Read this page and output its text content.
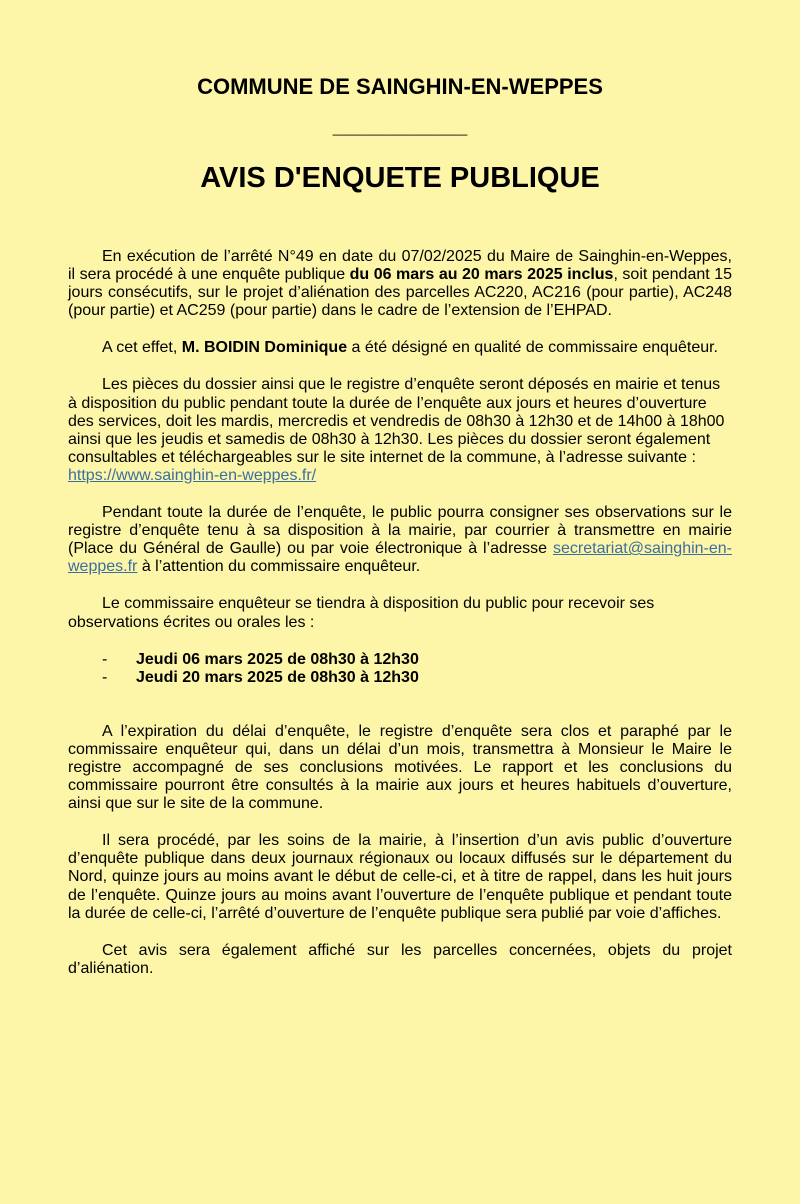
COMMUNE DE SAINGHIN-EN-WEPPES
___________
AVIS D'ENQUETE PUBLIQUE

En exécution de l’arrêté N°49 en date du 07/02/2025 du Maire de Sainghin-en-Weppes, il sera procédé à une enquête publique du 06 mars au 20 mars 2025 inclus, soit pendant 15 jours consécutifs, sur le projet d’aliénation des parcelles AC220, AC216 (pour partie), AC248 (pour partie) et AC259 (pour partie) dans le cadre de l’extension de l’EHPAD.

A cet effet, M. BOIDIN Dominique a été désigné en qualité de commissaire enquêteur.

Les pièces du dossier ainsi que le registre d’enquête seront déposés en mairie et tenus à disposition du public pendant toute la durée de l’enquête aux jours et heures d’ouverture des services, doit les mardis, mercredis et vendredis de 08h30 à 12h30 et de 14h00 à 18h00 ainsi que les jeudis et samedis de 08h30 à 12h30. Les pièces du dossier seront également consultables et téléchargeables sur le site internet de la commune, à l’adresse suivante : https://www.sainghin-en-weppes.fr/

Pendant toute la durée de l’enquête, le public pourra consigner ses observations sur le registre d’enquête tenu à sa disposition à la mairie, par courrier à transmettre en mairie (Place du Général de Gaulle) ou par voie électronique à l’adresse secretariat@sainghin-en-weppes.fr à l’attention du commissaire enquêteur.

Le commissaire enquêteur se tiendra à disposition du public pour recevoir ses observations écrites ou orales les :

-	Jeudi 06 mars 2025 de 08h30 à 12h30
-	Jeudi 20 mars 2025 de 08h30 à 12h30

A l’expiration du délai d’enquête, le registre d’enquête sera clos et paraphé par le commissaire enquêteur qui, dans un délai d’un mois, transmettra à Monsieur le Maire le registre accompagné de ses conclusions motivées. Le rapport et les conclusions du commissaire pourront être consultés à la mairie aux jours et heures habituels d’ouverture, ainsi que sur le site de la commune.

Il sera procédé, par les soins de la mairie, à l’insertion d’un avis public d’ouverture d’enquête publique dans deux journaux régionaux ou locaux diffusés sur le département du Nord, quinze jours au moins avant le début de celle-ci, et à titre de rappel, dans les huit jours de l’enquête. Quinze jours au moins avant l’ouverture de l’enquête publique et pendant toute la durée de celle-ci, l’arrêté d’ouverture de l’enquête publique sera publié par voie d’affiches.

Cet avis sera également affiché sur les parcelles concernées, objets du projet d’aliénation.
